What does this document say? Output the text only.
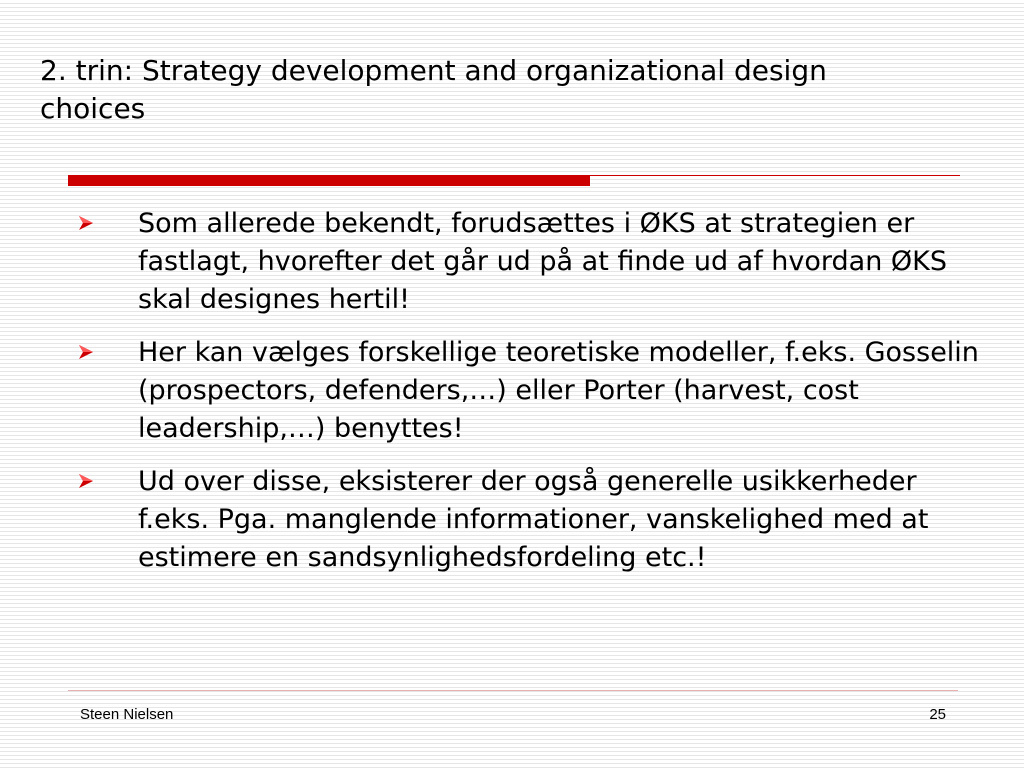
2. trin: Strategy development and organizational design choices
Som allerede bekendt, forudsættes i ØKS at strategien er fastlagt, hvorefter det går ud på at finde ud af hvordan ØKS skal designes hertil!
Her kan vælges forskellige teoretiske modeller, f.eks. Gosselin (prospectors, defenders,…) eller Porter (harvest, cost leadership,…) benyttes!
Ud over disse, eksisterer der også generelle usikkerheder f.eks. Pga. manglende informationer, vanskelighed med at estimere en sandsynlighedsfordeling etc.!
Steen Nielsen	25
